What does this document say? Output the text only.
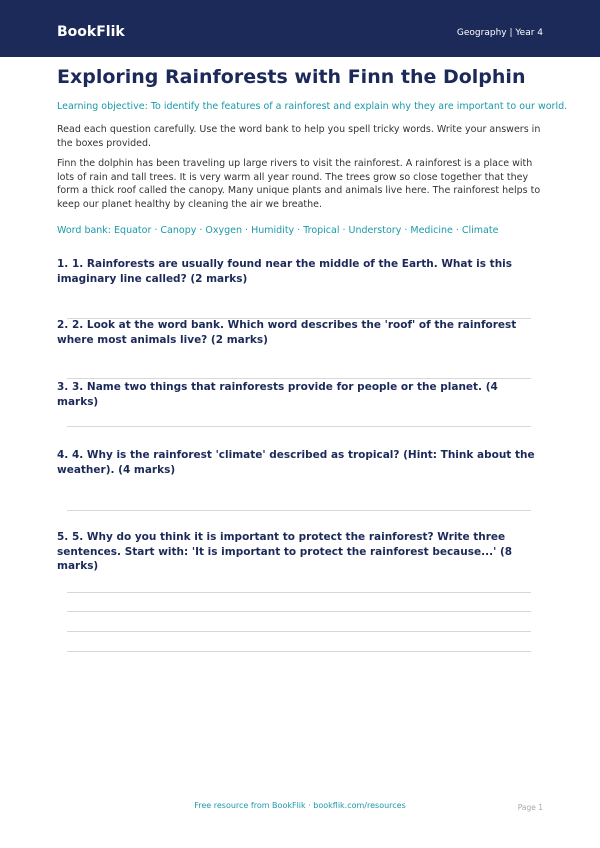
BookFlik	Geography | Year 4
Exploring Rainforests with Finn the Dolphin
Learning objective: To identify the features of a rainforest and explain why they are important to our world.

Read each question carefully. Use the word bank to help you spell tricky words. Write your answers in the boxes provided.

Finn the dolphin has been traveling up large rivers to visit the rainforest. A rainforest is a place with lots of rain and tall trees. It is very warm all year round. The trees grow so close together that they form a thick roof called the canopy. Many unique plants and animals live here. The rainforest helps to keep our planet healthy by cleaning the air we breathe.

Word bank: Equator · Canopy · Oxygen · Humidity · Tropical · Understory · Medicine · Climate

1. 1. Rainforests are usually found near the middle of the Earth. What is this imaginary line called? (2 marks)

2. 2. Look at the word bank. Which word describes the 'roof' of the rainforest where most animals live? (2 marks)

3. 3. Name two things that rainforests provide for people or the planet. (4 marks)

4. 4. Why is the rainforest 'climate' described as tropical? (Hint: Think about the weather). (4 marks)

5. 5. Why do you think it is important to protect the rainforest? Write three sentences. Start with: 'It is important to protect the rainforest because...' (8 marks)

Free resource from BookFlik · bookflik.com/resources	Page 1
